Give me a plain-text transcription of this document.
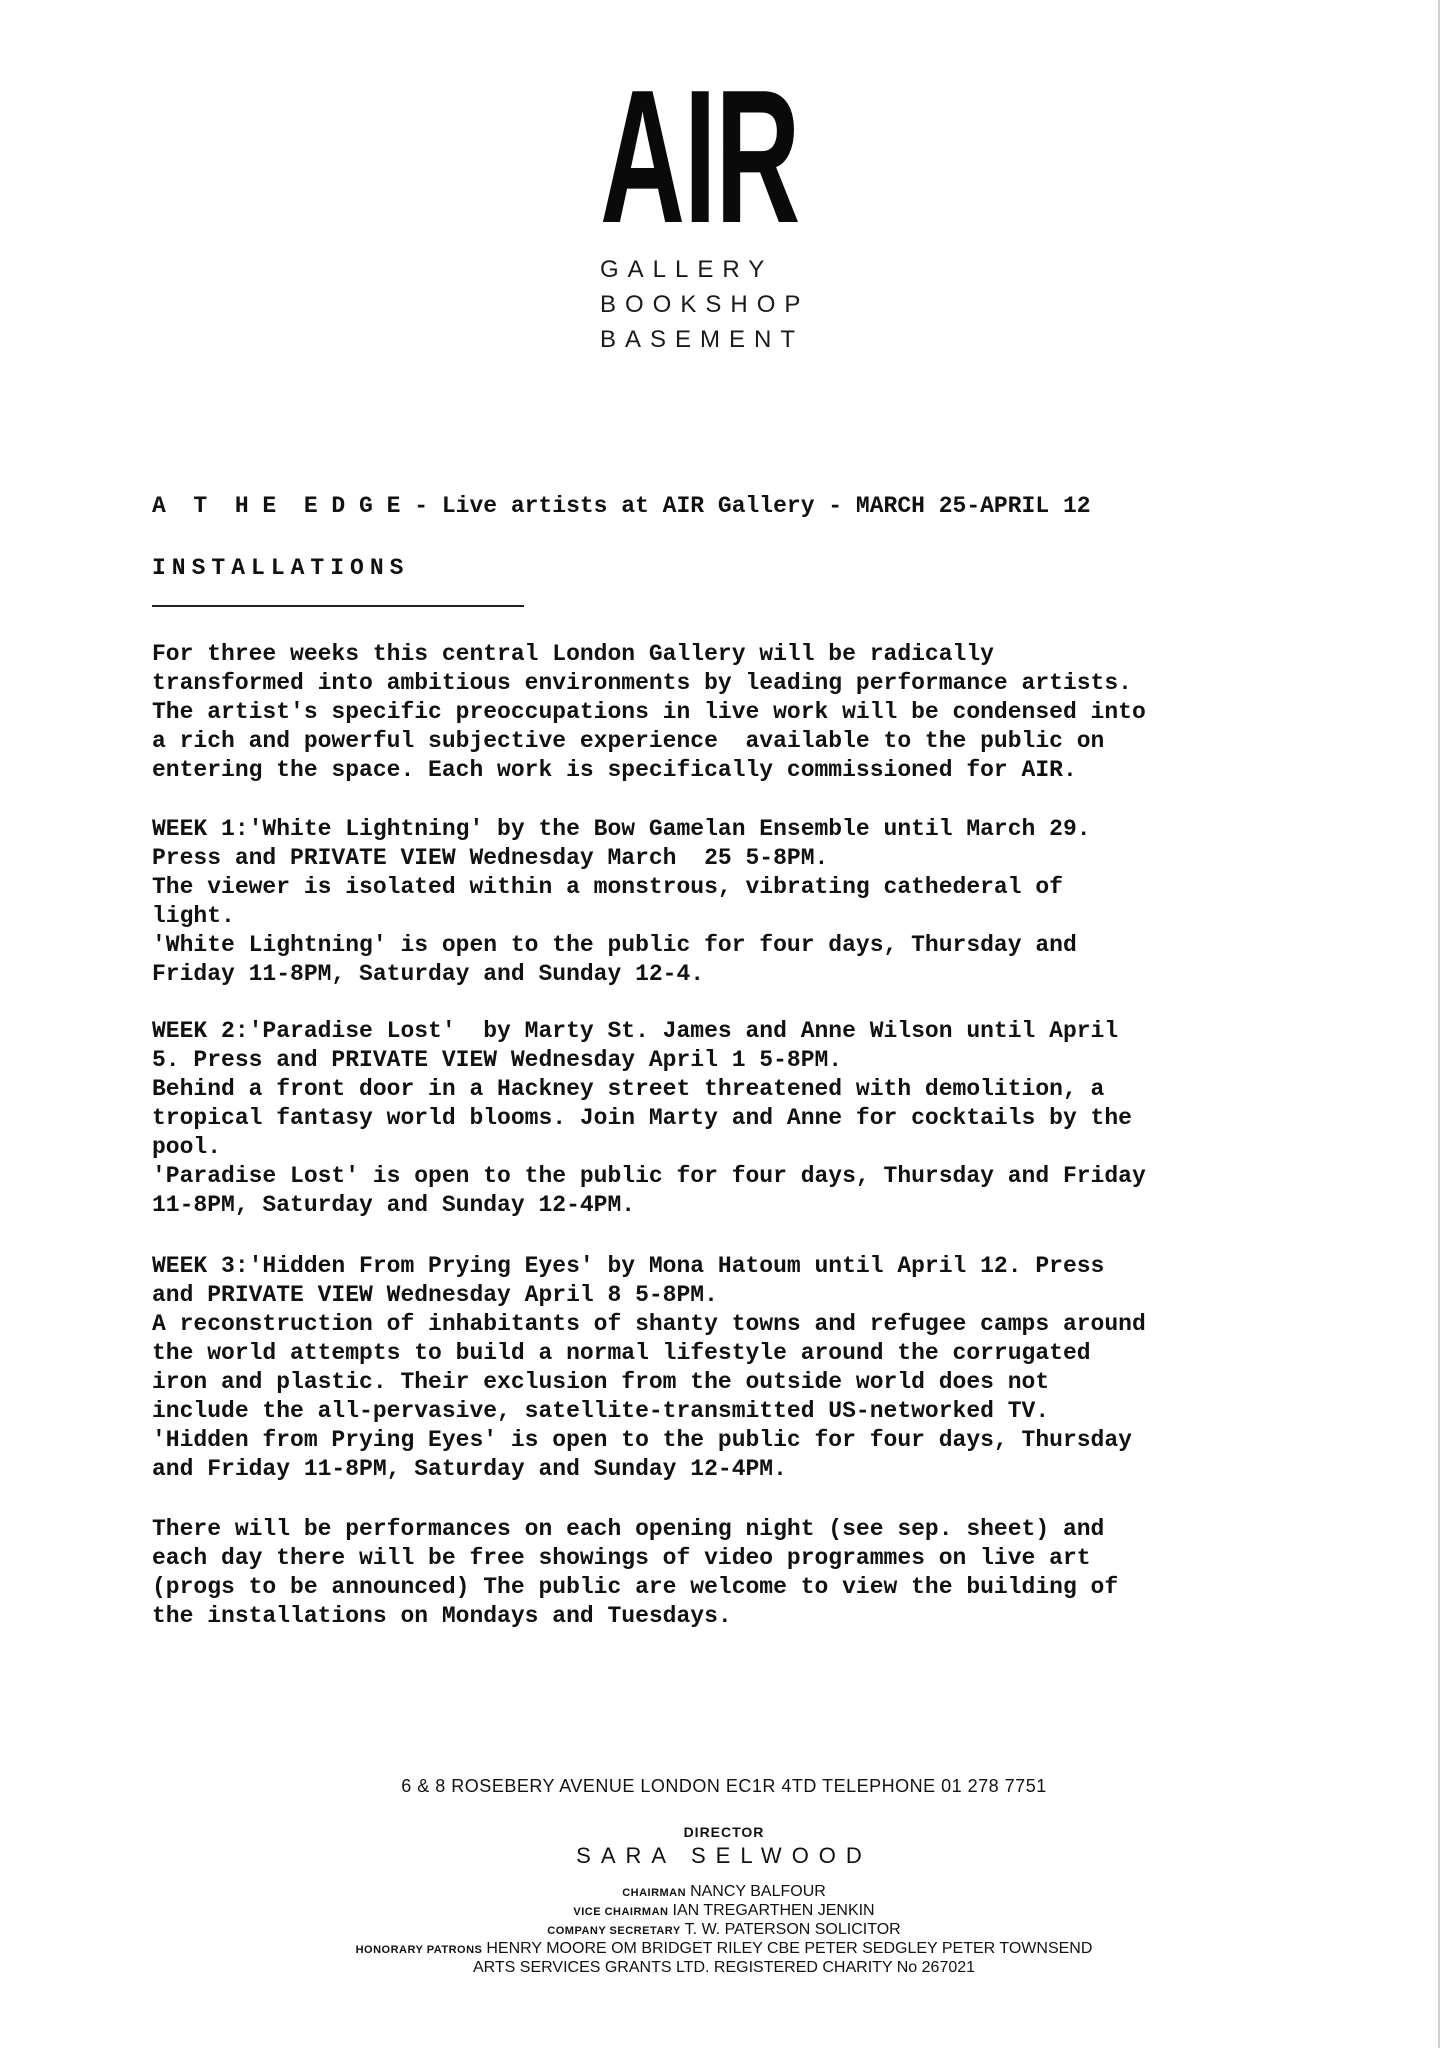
AIR
GALLERY
BOOKSHOP
BASEMENT
A  T  H E  E D G E - Live artists at AIR Gallery - MARCH 25-APRIL 12
INSTALLATIONS
For three weeks this central London Gallery will be radically
transformed into ambitious environments by leading performance artists.
The artist's specific preoccupations in live work will be condensed into
a rich and powerful subjective experience  available to the public on
entering the space. Each work is specifically commissioned for AIR.
WEEK 1:'White Lightning' by the Bow Gamelan Ensemble until March 29.
Press and PRIVATE VIEW Wednesday March  25 5-8PM.
The viewer is isolated within a monstrous, vibrating cathederal of
light.
'White Lightning' is open to the public for four days, Thursday and
Friday 11-8PM, Saturday and Sunday 12-4.
WEEK 2:'Paradise Lost'  by Marty St. James and Anne Wilson until April
5. Press and PRIVATE VIEW Wednesday April 1 5-8PM.
Behind a front door in a Hackney street threatened with demolition, a
tropical fantasy world blooms. Join Marty and Anne for cocktails by the
pool.
'Paradise Lost' is open to the public for four days, Thursday and Friday
11-8PM, Saturday and Sunday 12-4PM.
WEEK 3:'Hidden From Prying Eyes' by Mona Hatoum until April 12. Press
and PRIVATE VIEW Wednesday April 8 5-8PM.
A reconstruction of inhabitants of shanty towns and refugee camps around
the world attempts to build a normal lifestyle around the corrugated
iron and plastic. Their exclusion from the outside world does not
include the all-pervasive, satellite-transmitted US-networked TV.
'Hidden from Prying Eyes' is open to the public for four days, Thursday
and Friday 11-8PM, Saturday and Sunday 12-4PM.
There will be performances on each opening night (see sep. sheet) and
each day there will be free showings of video programmes on live art
(progs to be announced) The public are welcome to view the building of
the installations on Mondays and Tuesdays.
6 & 8 ROSEBERY AVENUE LONDON EC1R 4TD TELEPHONE 01 278 7751
DIRECTOR
SARA SELWOOD
CHAIRMAN NANCY BALFOUR
VICE CHAIRMAN IAN TREGARTHEN JENKIN
COMPANY SECRETARY T. W. PATERSON SOLICITOR
HONORARY PATRONS HENRY MOORE OM BRIDGET RILEY CBE PETER SEDGLEY PETER TOWNSEND
ARTS SERVICES GRANTS LTD. REGISTERED CHARITY No 267021
